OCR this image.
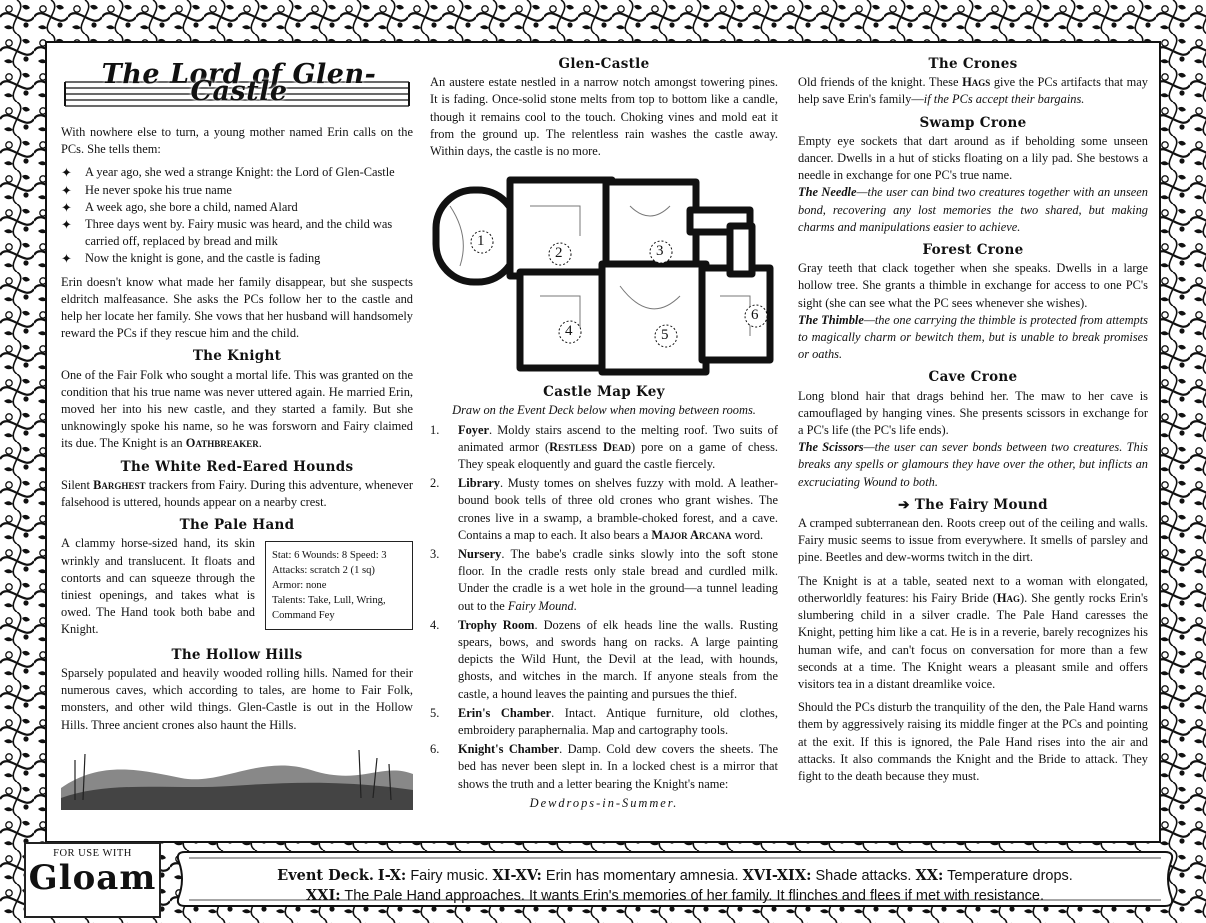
The Lord of Glen-Castle

With nowhere else to turn, a young mother named Erin calls on the PCs. She tells them:

✦ A year ago, she wed a strange Knight: the Lord of Glen-Castle
✦ He never spoke his true name
✦ A week ago, she bore a child, named Alard
✦ Three days went by. Fairy music was heard, and the child was carried off, replaced by bread and milk
✦ Now the knight is gone, and the castle is fading

Erin doesn't know what made her family disappear, but she suspects eldritch malfeasance. She asks the PCs follow her to the castle and help her locate her family. She vows that her husband will handsomely reward the PCs if they rescue him and the child.

The Knight

One of the Fair Folk who sought a mortal life. This was granted on the condition that his true name was never uttered again. He married Erin, moved her into his new castle, and they started a family. But she unknowingly spoke his name, so he was forsworn and Fairy claimed its due. The Knight is an Oathbreaker.

The White Red-Eared Hounds

Silent Barghest trackers from Fairy. During this adventure, whenever falsehood is uttered, hounds appear on a nearby crest.

The Pale Hand
Stat: 6 Wounds: 8 Speed: 3
Attacks: scratch 2 (1 sq)
Armor: none
Talents: Take, Lull, Wring, Command Fey

A clammy horse-sized hand, its skin wrinkly and translucent. It floats and contorts and can squeeze through the tiniest openings, and takes what is owed. The Hand took both babe and Knight.

The Hollow Hills

Sparsely populated and heavily wooded rolling hills. Named for their numerous caves, which according to tales, are home to Fair Folk, monsters, and other wild things. Glen-Castle is out in the Hollow Hills. Three ancient crones also haunt the Hills.

Glen-Castle

An austere estate nestled in a narrow notch amongst towering pines. It is fading. Once-solid stone melts from top to bottom like a candle, though it remains cool to the touch. Choking vines and mold eat it from the ground up. The relentless rain washes the castle away. Within days, the castle is no more.

1
2	3
4	5
6
Castle Map Key

Draw on the Event Deck below when moving between rooms.

1. Foyer. Moldy stairs ascend to the melting roof. Two suits of animated armor (Restless Dead) pore on a game of chess. They speak eloquently and guard the castle fiercely.
2. Library. Musty tomes on shelves fuzzy with mold. A leather-bound book tells of three old crones who grant wishes. The crones live in a swamp, a bramble-choked forest, and a cave. Contains a map to each. It also bears a Major Arcana word.
3. Nursery. The babe's cradle sinks slowly into the soft stone floor. In the cradle rests only stale bread and curdled milk. Under the cradle is a wet hole in the ground—a tunnel leading out to the Fairy Mound.
4. Trophy Room. Dozens of elk heads line the walls. Rusting spears, bows, and swords hang on racks. A large painting depicts the Wild Hunt, the Devil at the lead, with hounds, ghosts, and witches in the march. If anyone steals from the castle, a hound leaves the painting and pursues the thief.
5. Erin's Chamber. Intact. Antique furniture, old clothes, embroidery paraphernalia. Map and cartography tools.
6. Knight's Chamber. Damp. Cold dew covers the sheets. The bed has never been slept in. In a locked chest is a mirror that shows the truth and a letter bearing the Knight's name:

Dewdrops-in-Summer.

The Crones

Old friends of the knight. These Hags give the PCs artifacts that may help save Erin's family—if the PCs accept their bargains.

Swamp Crone

Empty eye sockets that dart around as if beholding some unseen dancer. Dwells in a hut of sticks floating on a lily pad. She bestows a needle in exchange for one PC's true name.

The Needle—the user can bind two creatures together with an unseen bond, recovering any lost memories the two shared, but making charms and manipulations easier to achieve.

Forest Crone

Gray teeth that clack together when she speaks. Dwells in a large hollow tree. She grants a thimble in exchange for access to one PC's sight (she can see what the PC sees whenever she wishes).

The Thimble—the one carrying the thimble is protected from attempts to magically charm or bewitch them, but is unable to break promises or oaths.

Cave Crone

Long blond hair that drags behind her. The maw to her cave is camouflaged by hanging vines. She presents scissors in exchange for a PC's life (the PC's life ends).

The Scissors—the user can sever bonds between two creatures. This breaks any spells or glamours they have over the other, but inflicts an excruciating Wound to both.

➔ The Fairy Mound

A cramped subterranean den. Roots creep out of the ceiling and walls. Fairy music seems to issue from everywhere. It smells of parsley and pine. Beetles and dew-worms twitch in the dirt.

The Knight is at a table, seated next to a woman with elongated, otherworldly features: his Fairy Bride (Hag). She gently rocks Erin's slumbering child in a silver cradle. The Pale Hand caresses the Knight, petting him like a cat. He is in a reverie, barely recognizes his human wife, and can't focus on conversation for more than a few seconds at a time. The Knight wears a pleasant smile and offers visitors tea in a distant dreamlike voice.

Should the PCs disturb the tranquility of the den, the Pale Hand warns them by aggressively raising its middle finger at the PCs and pointing at the exit. If this is ignored, the Pale Hand rises into the air and attacks. It also commands the Knight and the Bride to attack. They fight to the death because they must.

Event Deck. I-X: Fairy music. XI-XV: Erin has momentary amnesia. XVI-XIX: Shade attacks. XX: Temperature drops.
XXI: The Pale Hand approaches. It wants Erin's memories of her family. It flinches and flees if met with resistance.
FOR USE WITH
Gloam
